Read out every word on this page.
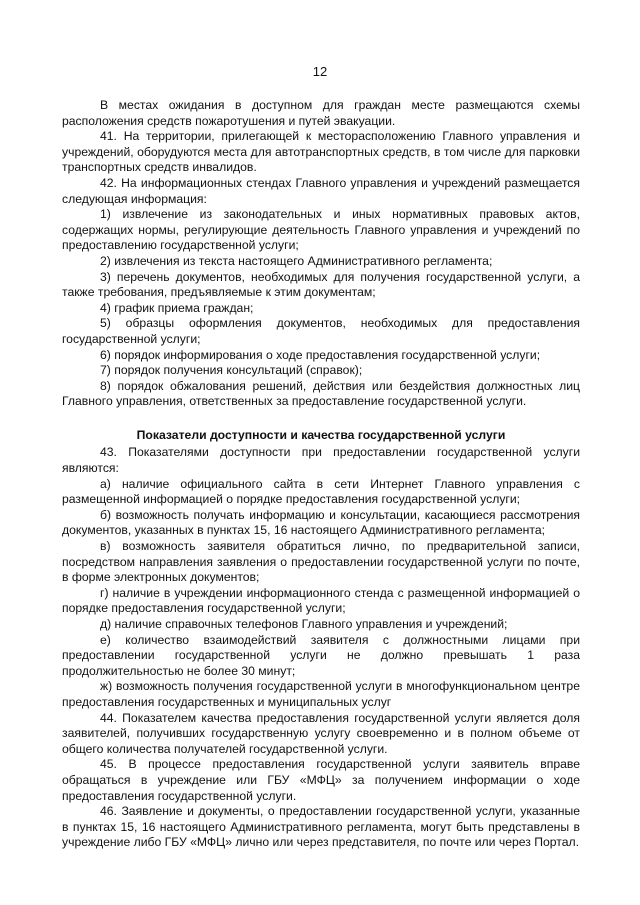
12

В местах ожидания в доступном для граждан месте размещаются схемы расположения средств пожаротушения и путей эвакуации.

41. На территории, прилегающей к месторасположению Главного управления и учреждений, оборудуются места для автотранспортных средств, в том числе для парковки транспортных средств инвалидов.

42. На информационных стендах Главного управления и учреждений размещается следующая информация:

1) извлечение из законодательных и иных нормативных правовых актов, содержащих нормы, регулирующие деятельность Главного управления и учреждений по предоставлению государственной услуги;

2) извлечения из текста настоящего Административного регламента;

3) перечень документов, необходимых для получения государственной услуги, а также требования, предъявляемые к этим документам;

4) график приема граждан;

5) образцы оформления документов, необходимых для предоставления государственной услуги;

6) порядок информирования о ходе предоставления государственной услуги;

7) порядок получения консультаций (справок);

8) порядок обжалования решений, действия или бездействия должностных лиц Главного управления, ответственных за предоставление государственной услуги.

Показатели доступности и качества государственной услуги

43. Показателями доступности при предоставлении государственной услуги являются:

а) наличие официального сайта в сети Интернет Главного управления с размещенной информацией о порядке предоставления государственной услуги;

б) возможность получать информацию и консультации, касающиеся рассмотрения документов, указанных в пунктах 15, 16 настоящего Административного регламента;

в) возможность заявителя обратиться лично, по предварительной записи, посредством направления заявления о предоставлении государственной услуги по почте, в форме электронных документов;

г) наличие в учреждении информационного стенда с размещенной информацией о порядке предоставления государственной услуги;

д) наличие справочных телефонов Главного управления и учреждений;

е) количество взаимодействий заявителя с должностными лицами при предоставлении государственной услуги не должно превышать 1 раза продолжительностью не более 30 минут;

ж) возможность получения государственной услуги в многофункциональном центре предоставления государственных и муниципальных услуг

44. Показателем качества предоставления государственной услуги является доля заявителей, получивших государственную услугу своевременно и в полном объеме от общего количества получателей государственной услуги.

45. В процессе предоставления государственной услуги заявитель вправе обращаться в учреждение или ГБУ «МФЦ» за получением информации о ходе предоставления государственной услуги.

46. Заявление и документы, о предоставлении государственной услуги, указанные в пунктах 15, 16 настоящего Административного регламента, могут быть представлены в учреждение либо ГБУ «МФЦ» лично или через представителя, по почте или через Портал.
